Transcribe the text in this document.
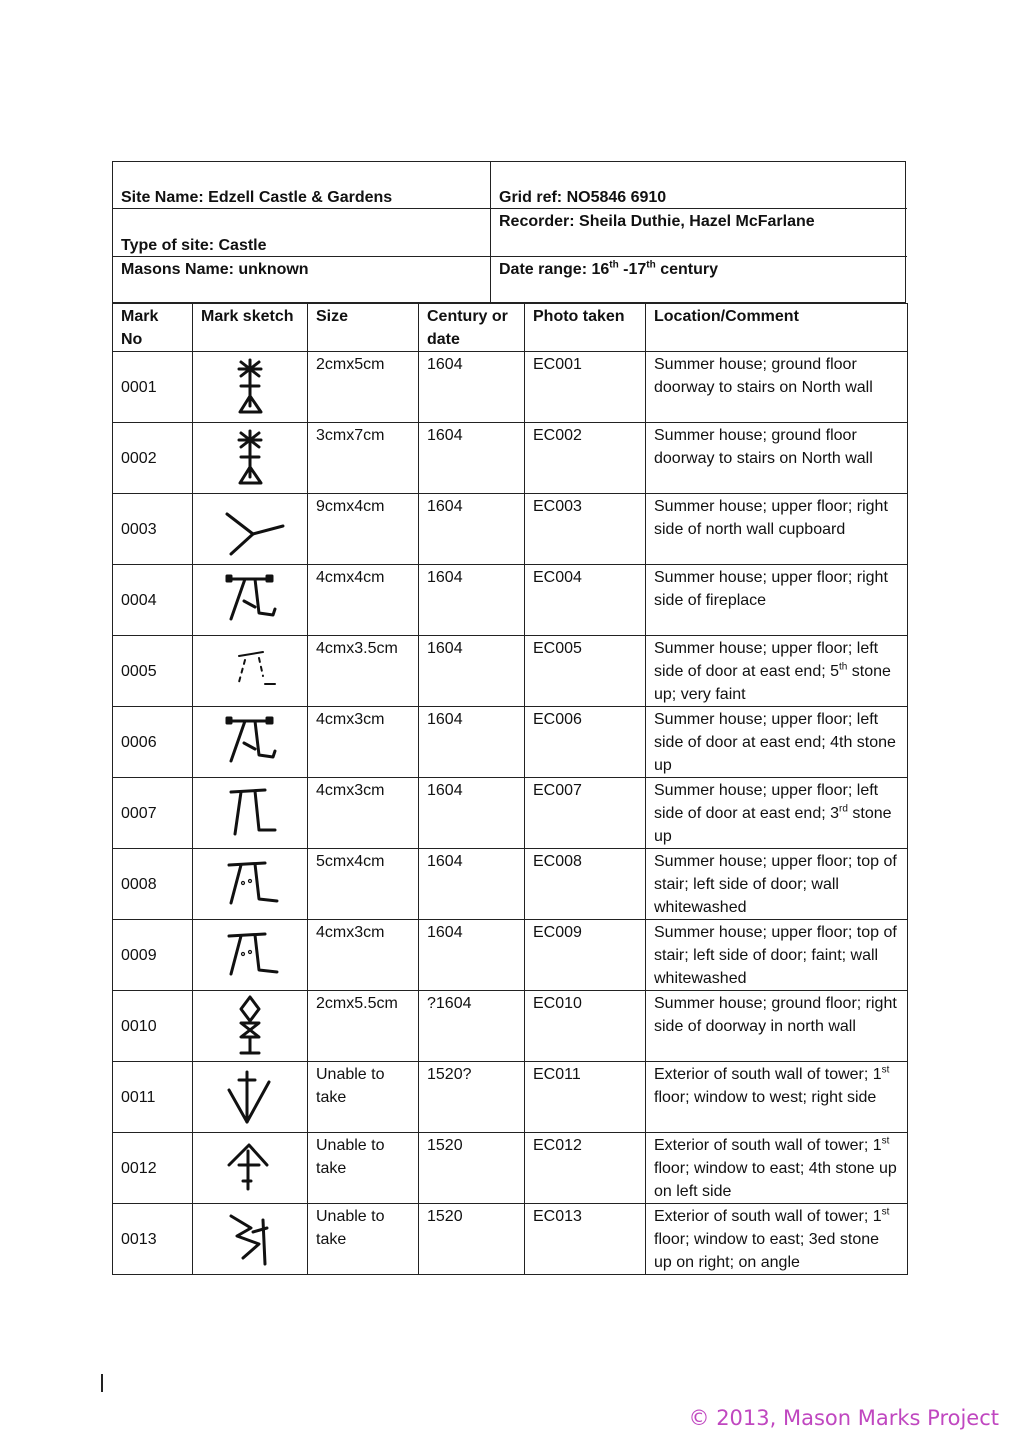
Site Name: Edzell Castle & Gardens	Grid ref: NO5846 6910
Recorder: Sheila Duthie, Hazel McFarlane
Type of site: Castle
Masons Name: unknown	Date range: 16th -17th century
Mark No	Mark sketch	Size	Century or date	Photo taken	Location/Comment
0001		2cmx5cm	1604	EC001	Summer house; ground floor doorway to stairs on North wall
0002		3cmx7cm	1604	EC002	Summer house; ground floor doorway to stairs on North wall
0003		9cmx4cm	1604	EC003	Summer house; upper floor; right side of north wall cupboard
0004		4cmx4cm	1604	EC004	Summer house; upper floor; right side of fireplace
0005		4cmx3.5cm	1604	EC005	Summer house; upper floor; left side of door at east end; 5th stone up; very faint
0006		4cmx3cm	1604	EC006	Summer house; upper floor; left side of door at east end; 4th stone up
0007		4cmx3cm	1604	EC007	Summer house; upper floor; left side of door at east end; 3rd stone up
0008		5cmx4cm	1604	EC008	Summer house; upper floor; top of stair; left side of door; wall whitewashed
0009		4cmx3cm	1604	EC009	Summer house; upper floor; top of stair; left side of door; faint; wall whitewashed
0010		2cmx5.5cm	?1604	EC010	Summer house; ground floor; right side of doorway in north wall
0011		Unable to take	1520?	EC011	Exterior of south wall of tower; 1st floor; window to west; right side
0012		Unable to take	1520	EC012	Exterior of south wall of tower; 1st floor; window to east; 4th stone up on left side
0013		Unable to take	1520	EC013	Exterior of south wall of tower; 1st floor; window to east; 3ed stone up on right; on angle
© 2013, Mason Marks Project
